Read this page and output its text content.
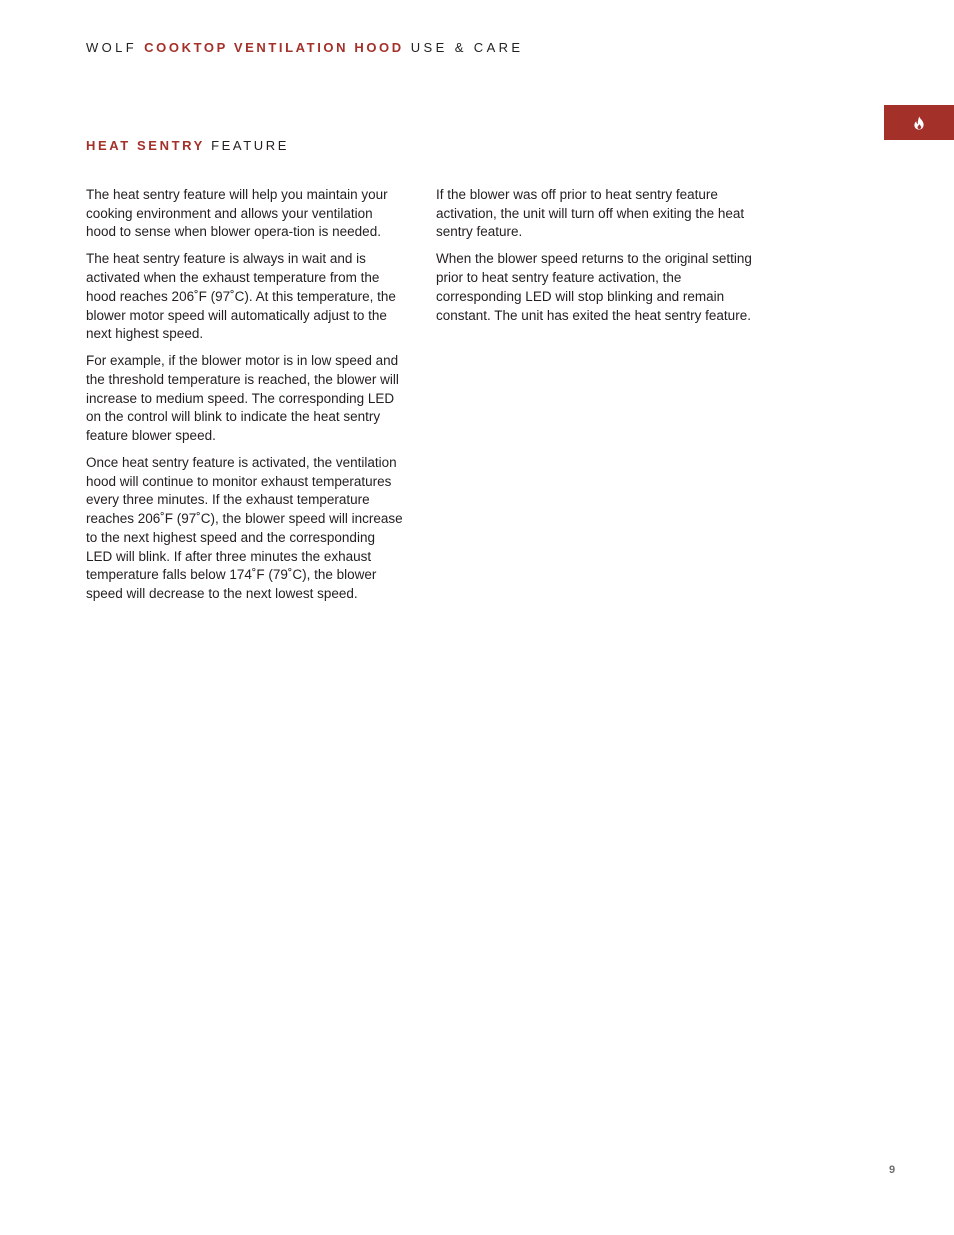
WOLF COOKTOP VENTILATION HOOD USE & CARE
HEAT SENTRY FEATURE

The heat sentry feature will help you maintain your cooking environment and allows your ventilation hood to sense when blower opera-tion is needed.

The heat sentry feature is always in wait and is activated when the exhaust temperature from the hood reaches 206˚F (97˚C). At this temperature, the blower motor speed will automatically adjust to the next highest speed.

For example, if the blower motor is in low speed and the threshold temperature is reached, the blower will increase to medium speed. The corresponding LED on the control will blink to indicate the heat sentry feature blower speed.

Once heat sentry feature is activated, the ventilation hood will continue to monitor exhaust temperatures every three minutes. If the exhaust temperature reaches 206˚F (97˚C), the blower speed will increase to the next highest speed and the corresponding LED will blink. If after three minutes the exhaust temperature falls below 174˚F (79˚C), the blower speed will decrease to the next lowest speed.

If the blower was off prior to heat sentry feature activation, the unit will turn off when exiting the heat sentry feature.

When the blower speed returns to the original setting prior to heat sentry feature activation, the corresponding LED will stop blinking and remain constant. The unit has exited the heat sentry feature.

9
